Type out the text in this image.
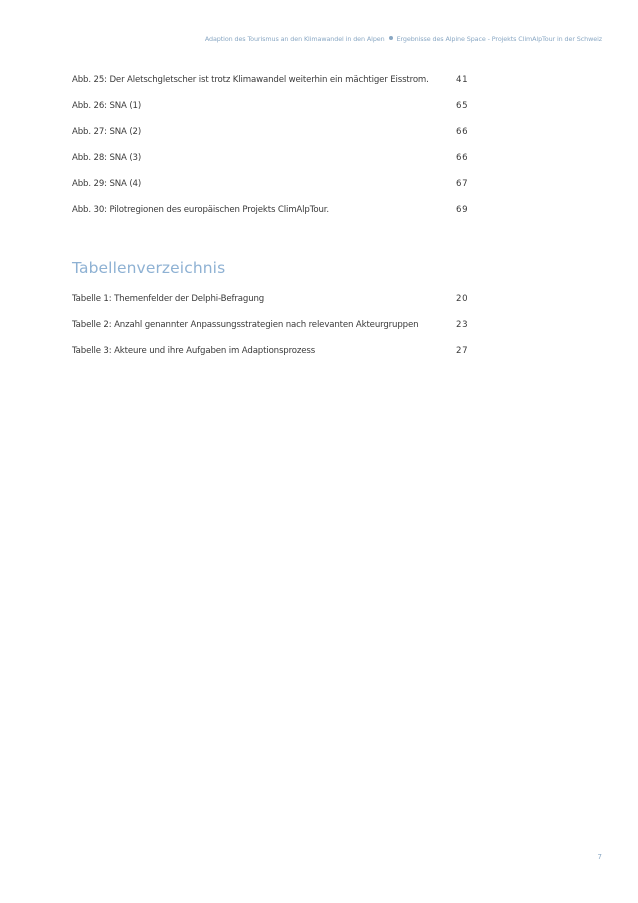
Adaption des Tourismus an den Klimawandel in den Alpen Ergebnisse des Alpine Space - Projekts ClimAlpTour in der Schweiz
Abb. 25: Der Aletschgletscher ist trotz Klimawandel weiterhin ein mächtiger Eisstrom.	41
Abb. 26: SNA (1)	65
Abb. 27: SNA (2)	66
Abb. 28: SNA (3)	66
Abb. 29: SNA (4)	67
Abb. 30: Pilotregionen des europäischen Projekts ClimAlpTour.	69
Tabellenverzeichnis
Tabelle 1: Themenfelder der Delphi-Befragung	20
Tabelle 2: Anzahl genannter Anpassungsstrategien nach relevanten Akteurgruppen	23
Tabelle 3: Akteure und ihre Aufgaben im Adaptionsprozess	27
7
